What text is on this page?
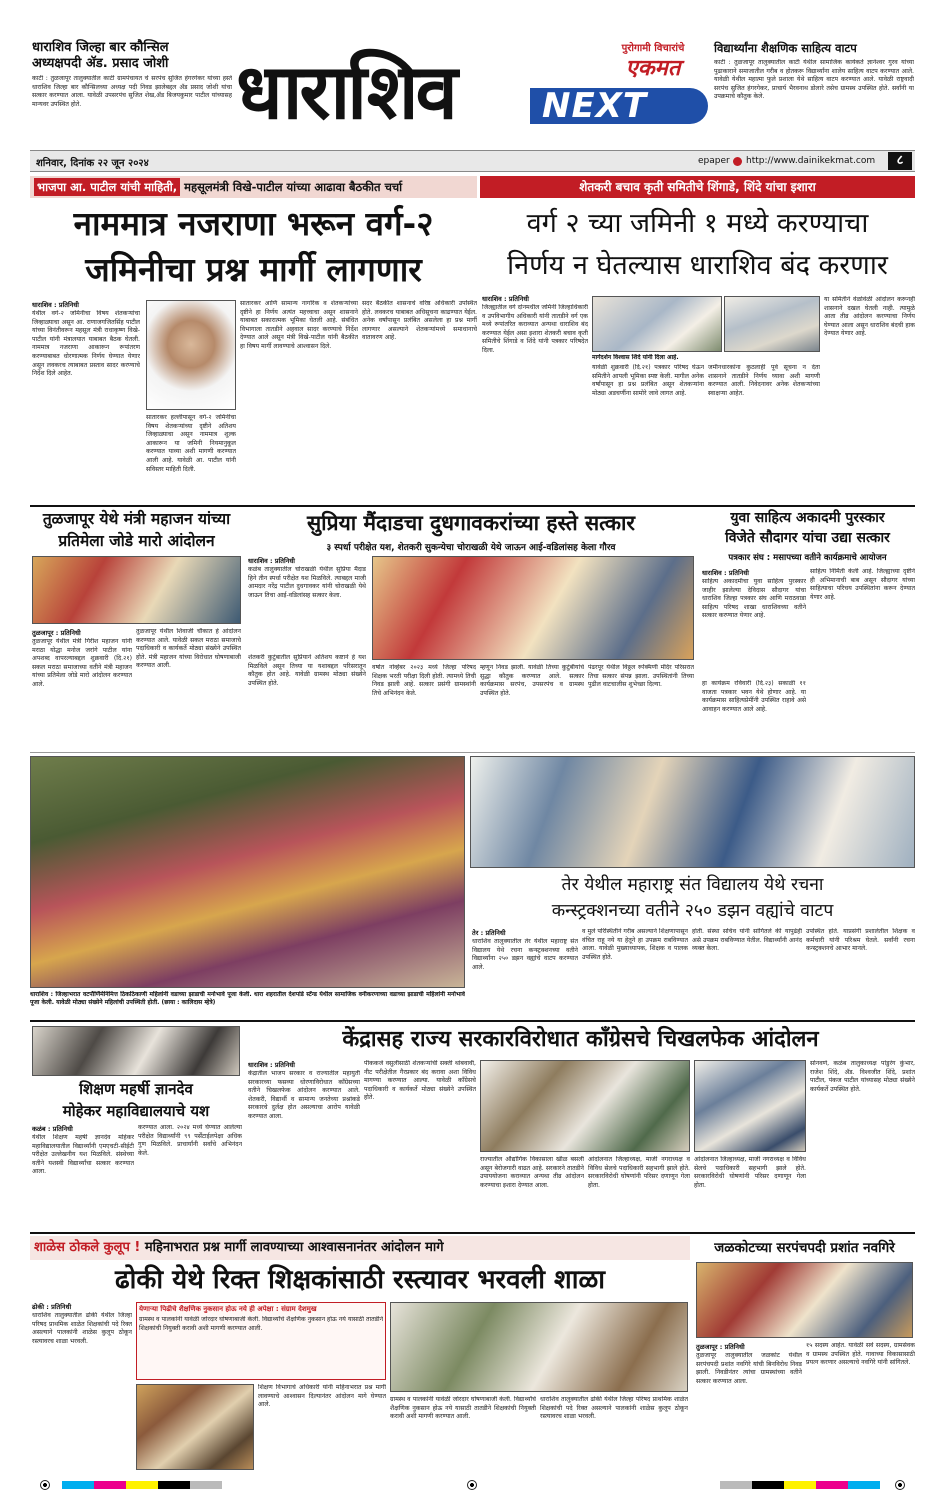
धाराशिव जिल्हा बार कौन्सिल
अध्यक्षपदी ॲड. प्रसाद जोशी
काटी : तुळजापूर तालुक्यातील काटी ग्रामपंचायत चे सरपंच सुजित हंगरगेकर यांच्या हस्ते धाराशिव जिल्हा बार कौन्सिलच्या अध्यक्ष पदी निवड झालेबद्दल ॲड प्रसाद जोशी यांचा सत्कार करण्यात आला. यावेळी उपसरपंच सुजित शेख,ॲड बिजयकुमार पाटील यांच्यासह मान्यवर उपस्थित होते.	धाराशिव	पुरोगामी विचारांचे
एकमत
NEXT
विद्यार्थ्यांना शैक्षणिक साहित्य वाटप
काटी : तुळजापूर तालुक्यातील काटी येथील सामाजिक कार्यकर्ते ज्ञानेश्वर गुरव यांच्या पुढाकाराने समाजातील गरीब व होतकरू विद्यार्थ्यांना शालेय साहित्य वाटप करण्यात आले. यावेळी येथील महात्मा फुले प्रशाला येथे साहित्य वाटप करण्यात आले. यावेळी राष्ट्रवादी सरपंच सुजित हंगरगेकर, प्राचार्य भैरवनाथ डोलारे तसेच ग्रामस्थ उपस्थित होते. सर्वांनी या उपक्रमाचे कौतुक केले.
शनिवार, दिनांक २२ जून २०२४	epaper http://www.dainikekmat.com	८
भाजपा आ. पाटील यांची माहिती, महसूलमंत्री विखे-पाटील यांच्या आढावा बैठकीत चर्चा
नाममात्र नजराणा भरून वर्ग-२
जमिनीचा प्रश्न मार्गी लागणार
धाराशिव : प्रतिनिधी
येथील वर्ग-२ जमिनीचा विषय शेतकऱ्यांचा जिव्हाळ्याचा असून आ. राणाजगजितसिंह पाटील यांच्या विनंतीवरून महसूल मंत्री राधाकृष्ण विखे-पाटील यांनी मंत्रालयात याबाबत बैठक घेतली. नाममात्र नजराणा आकारून रूपांतरण करण्याबाबत धोरणात्मक निर्णय घेण्यात येणार असून लवकरच त्याबाबत प्रस्ताव सादर करण्याचे निर्देश दिले आहेत.
सातारकर हल्लीपासून वर्ग-२ जमिनींचा विषय शेतकऱ्यांच्या दृष्टीने अतिशय जिव्हाळ्याचा असून नाममात्र शुल्क आकारून या जमिनी नियमानुकूल करण्यात याव्या अशी मागणी करण्यात आली आहे. यावेळी आ. पाटील यांनी सविस्तर माहिती दिली.
सातारकर आणि सामान्य नागरिक व शेतकऱ्यांच्या दृष्टीने हा निर्णय अत्यंत महत्त्वाचा असून शासनाने याबाबत सकारात्मक भूमिका घेतली आहे. संबंधित विभागाला तातडीने अहवाल सादर करण्याचे निर्देश देण्यात आले असून मंत्री विखे-पाटील यांनी बैठकीत हा विषय मार्गी लावण्याचे आश्वासन दिले.
सदर बैठकीत शासनाचे वरिष्ठ अधिकारी उपस्थित होते. लवकरच याबाबत अधिसूचना काढण्यात येईल. अनेक वर्षांपासून प्रलंबित असलेला हा प्रश्न मार्गी लागणार असल्याने शेतकऱ्यांमध्ये समाधानाचे वातावरण आहे.
शेतकरी बचाव कृती समितीचे शिंगाडे, शिंदे यांचा इशारा
वर्ग २ च्या जमिनी १ मध्ये करण्याचा
निर्णय न घेतल्यास धाराशिव बंद करणार
धाराशिव : प्रतिनिधी
जिल्ह्यातील वर्ग दोनमधील जमिनी जिल्हाधिकारी व उपविभागीय अधिकारी यांनी तातडीने वर्ग एक मध्ये रूपांतरित कराव्यात अन्यथा धाराशिव बंद करण्यात येईल असा इशारा शेतकरी बचाव कृती समितीचे शिंगाडे व शिंदे यांनी पत्रकार परिषदेत दिला.
मार्गदर्शन विश्वास शिंदे यांनी दिला आहे.
यावेळी शुक्रवारी (दि.२१) पत्रकार परिषद घेऊन समितीने आपली भूमिका स्पष्ट केली. मागील अनेक वर्षांपासून हा प्रश्न प्रलंबित असून शेतकऱ्यांना मोठ्या अडचणींना सामोरे जावे लागत आहे.
जमीनधारकांना कुठलाही पूर्व सूचना न देता शासनाने तातडीने निर्णय घ्यावा अशी मागणी करण्यात आली. निवेदनावर अनेक शेतकऱ्यांच्या स्वाक्षऱ्या आहेत.
या समितीने वेळोवेळी आंदोलन करूनही शासनाने दखल घेतली नाही. त्यामुळे आता तीव्र आंदोलन करण्याचा निर्णय घेण्यात आला असून धाराशिव बंदची हाक देण्यात येणार आहे.
तुळजापूर येथे मंत्री महाजन यांच्या
प्रतिमेला जोडे मारो आंदोलन
तुळजापूर : प्रतिनिधी
तुळजापूर येथील मंत्री गिरीश महाजन यांनी मराठा योद्धा मनोज जरांगे पाटील यांना अपशब्द वापरल्याबद्दल शुक्रवारी (दि.२१) सकल मराठा समाजाच्या वतीने मंत्री महाजन यांच्या प्रतिमेला जोडे मारो आंदोलन करण्यात आले.
तुळजापूर येथील शिवाजी चौकात हे आंदोलन करण्यात आले. यावेळी सकल मराठा समाजाचे पदाधिकारी व कार्यकर्ते मोठ्या संख्येने उपस्थित होते. मंत्री महाजन यांच्या विरोधात घोषणाबाजी करण्यात आली.
सुप्रिया मैंदाडचा दुधगावकरांच्या हस्ते सत्कार
३ स्पर्धा परीक्षेत यश, शेतकरी सुकन्येचा चोराखळी येथे जाऊन आई-वडिलांसह केला गौरव
धाराशिव : प्रतिनिधी
कळंब तालुक्यातील चोराखळी येथील सुप्रिया मैंदाड हिने तीन स्पर्धा परीक्षेत यश मिळविले. त्याबद्दल माजी आमदार नरेंद्र पाटील दुधगावकर यांनी चोराखळी येथे जाऊन तिचा आई-वडिलांसह सत्कार केला.
शेतकरी कुटुंबातील सुप्रियाने अतिशय कष्टाने हे यश मिळविले असून तिच्या या यशाबद्दल परिसरातून कौतुक होत आहे. यावेळी ग्रामस्थ मोठ्या संख्येने उपस्थित होते.
वर्षात नोव्हेंबर २०२३ मध्ये जिल्हा परिषद शिक्षक भरती परीक्षा दिली होती. त्यामध्ये तिची निवड झाली आहे. सत्कार प्रसंगी ग्रामस्थांनी तिचे अभिनंदन केले.
म्हणून निवड झाली. यावेळी तिच्या कुटुंबीयांचे सुद्धा कौतुक करण्यात आले. सत्कार कार्यक्रमास सरपंच, उपसरपंच व ग्रामस्थ उपस्थित होते.
पंढरपूर येथील विठ्ठल रूक्मिणी मंदिर परिसरात तिचा सत्कार संपन्न झाला. उपस्थितांनी तिच्या पुढील वाटचालीस शुभेच्छा दिल्या.
युवा साहित्य अकादमी पुरस्कार
विजेते सौदागर यांचा उद्या सत्कार
पत्रकार संघ : मसापच्या वतीने कार्यक्रमाचे आयोजन
धाराशिव : प्रतिनिधी
साहित्य अकादमीचा युवा साहित्य पुरस्कार जाहीर झालेल्या देविदास सौदागर यांचा धाराशिव जिल्हा पत्रकार संघ आणि मराठवाडा साहित्य परिषद शाखा धाराशिवच्या वतीने सत्कार करण्यात येणार आहे.
हा कार्यक्रम रविवारी (दि.२३) सकाळी ११ वाजता पत्रकार भवन येथे होणार आहे. या कार्यक्रमास साहित्यप्रेमींनी उपस्थित राहावे असे आवाहन करण्यात आले आहे.
साहित्य निर्मिती केली आहे. जिल्ह्याच्या दृष्टीने ही अभिमानाची बाब असून सौदागर यांच्या साहित्याचा परिचय उपस्थितांना करून देण्यात येणार आहे.
धाराशिव : जिल्हाभरात वटपौर्णिमेनिमित्त ठिकठिकाणी महिलांनी वडाच्या झाडाची मनोभावे पूजा केली. धारा शहरातील देशपांडे स्टॅन्ड येथील सामाजिक वनीकरणाच्या वडाच्या झाडाची महिलांनी मनोभावे पूजा केली. यावेळी मोठ्या संख्येने महिलांची उपस्थिती होती. (छाया : कालिदास म्हेत्रे)
तेर येथील महाराष्ट्र संत विद्यालय येथे रचना
कन्स्ट्रक्शनच्या वतीने २५० डझन वह्यांचे वाटप
तेर : प्रतिनिधी
धाराशिव तालुक्यातील तेर येथील महाराष्ट्र संत विद्यालय येथे रचना कन्स्ट्रक्शनच्या वतीने विद्यार्थ्यांना २५० डझन वह्यांचे वाटप करण्यात आले.
व मुले परिस्थितीने गरीब असल्याने शिक्षणापासून वंचित राहू नये या हेतूने हा उपक्रम राबविण्यात आला. यावेळी मुख्याध्यापक, शिक्षक व पालक उपस्थित होते.
होती. संस्था सचिव यांनी सांगितले की यापुढेही असे उपक्रम राबविण्यात येतील. विद्यार्थ्यांनी आनंद व्यक्त केला.
उपस्थित होते. याप्रसंगी प्रशालेतील शिक्षक व कर्मचारी यांनी परिश्रम घेतले. सर्वांनी रचना कन्स्ट्रक्शनचे आभार मानले.
शिक्षण महर्षी ज्ञानदेव
मोहेकर महाविद्यालयाचे यश
कळंब : प्रतिनिधी
येथील शिक्षण महर्षी ज्ञानदेव मोहेकर महाविद्यालयातील विद्यार्थ्यांनी एमएचटी-सीईटी परीक्षेत उल्लेखनीय यश मिळविले. संस्थेच्या वतीने यशस्वी विद्यार्थ्यांचा सत्कार करण्यात आला.
करण्यात आला. २०२४ मध्ये घेण्यात आलेल्या परीक्षेत विद्यार्थ्यांनी ९९ पर्सेंटाईलपेक्षा अधिक गुण मिळविले. प्राचार्यांनी सर्वांचे अभिनंदन केले.
केंद्रासह राज्य सरकारविरोधात काँग्रेसचे चिखलफेक आंदोलन
धाराशिव : प्रतिनिधी
केंद्रातील भाजप सरकार व राज्यातील महायुती सरकारच्या फसव्या धोरणाविरोधात काँग्रेसच्या वतीने चिखलफेक आंदोलन करण्यात आले. शेतकरी, विद्यार्थी व सामान्य जनतेच्या प्रश्नांकडे सरकारचे दुर्लक्ष होत असल्याचा आरोप यावेळी करण्यात आला.
पीककर्ज वसुलीसाठी शेतकऱ्यांची सक्ती थांबवावी, नीट परीक्षेतील गैरप्रकार बंद करावा अशा विविध मागण्या करण्यात आल्या. यावेळी काँग्रेसचे पदाधिकारी व कार्यकर्ते मोठ्या संख्येने उपस्थित होते.
राज्यातील औद्योगिक विकासाला खीळ बसली असून बेरोजगारी वाढत आहे. सरकारने तातडीने उपाययोजना कराव्यात अन्यथा तीव्र आंदोलन करण्याचा इशारा देण्यात आला.
आंदोलनात जिल्हाध्यक्ष, माजी नगराध्यक्ष व विविध सेलचे पदाधिकारी सहभागी झाले होते. सरकारविरोधी घोषणांनी परिसर दणाणून गेला होता.
सोनवणे, कळंब तालुकाध्यक्ष पांडुरंग कुंभार, राजेश शिंदे, ॲड. विश्वजीत शिंदे, प्रशांत पाटील, पंकज पाटील यांच्यासह मोठ्या संख्येने कार्यकर्ते उपस्थित होते.
आंदोलनात जिल्हाध्यक्ष, माजी नगराध्यक्ष व विविध सेलचे पदाधिकारी सहभागी झाले होते. सरकारविरोधी घोषणांनी परिसर दणाणून गेला होता.
शाळेस ठोकले कुलूप ! महिनाभरात प्रश्न मार्गी लावण्याच्या आश्वासनानंतर आंदोलन मागे
ढोकी येथे रिक्त शिक्षकांसाठी रस्त्यावर भरवली शाळा
ढोकी : प्रतिनिधी
धाराशिव तालुक्यातील ढोकी येथील जिल्हा परिषद प्राथमिक शाळेत शिक्षकांची पदे रिक्त असल्याने पालकांनी शाळेस कुलूप ठोकून रस्त्यावरच शाळा भरवली.
येणाऱ्या पिढीचे शैक्षणिक नुकसान होऊ नये ही अपेक्षा : संग्राम देशमुख
ग्रामस्थ व पालकांनी यावेळी जोरदार घोषणाबाजी केली. विद्यार्थ्यांचे शैक्षणिक नुकसान होऊ नये यासाठी तातडीने शिक्षकांची नियुक्ती करावी अशी मागणी करण्यात आली.
शिक्षण विभागाचे अधिकारी यांनी महिनाभरात प्रश्न मार्गी लावण्याचे आश्वासन दिल्यानंतर आंदोलन मागे घेण्यात आले.
ग्रामस्थ व पालकांनी यावेळी जोरदार घोषणाबाजी केली. विद्यार्थ्यांचे शैक्षणिक नुकसान होऊ नये यासाठी तातडीने शिक्षकांची नियुक्ती करावी अशी मागणी करण्यात आली.
धाराशिव तालुक्यातील ढोकी येथील जिल्हा परिषद प्राथमिक शाळेत शिक्षकांची पदे रिक्त असल्याने पालकांनी शाळेस कुलूप ठोकून रस्त्यावरच शाळा भरवली.
जळकोटच्या सरपंचपदी प्रशांत नवगिरे
तुळजापूर : प्रतिनिधी
तुळजापूर तालुक्यातील जळकोट येथील सरपंचपदी प्रशांत नवगिरे यांची बिनविरोध निवड झाली. निवडीनंतर त्यांचा ग्रामस्थांच्या वतीने सत्कार करण्यात आला.
१५ सदस्य आहेत. यावेळी सर्व सदस्य, ग्रामसेवक व ग्रामस्थ उपस्थित होते. गावाच्या विकासासाठी प्रयत्न करणार असल्याचे नवगिरे यांनी सांगितले.
